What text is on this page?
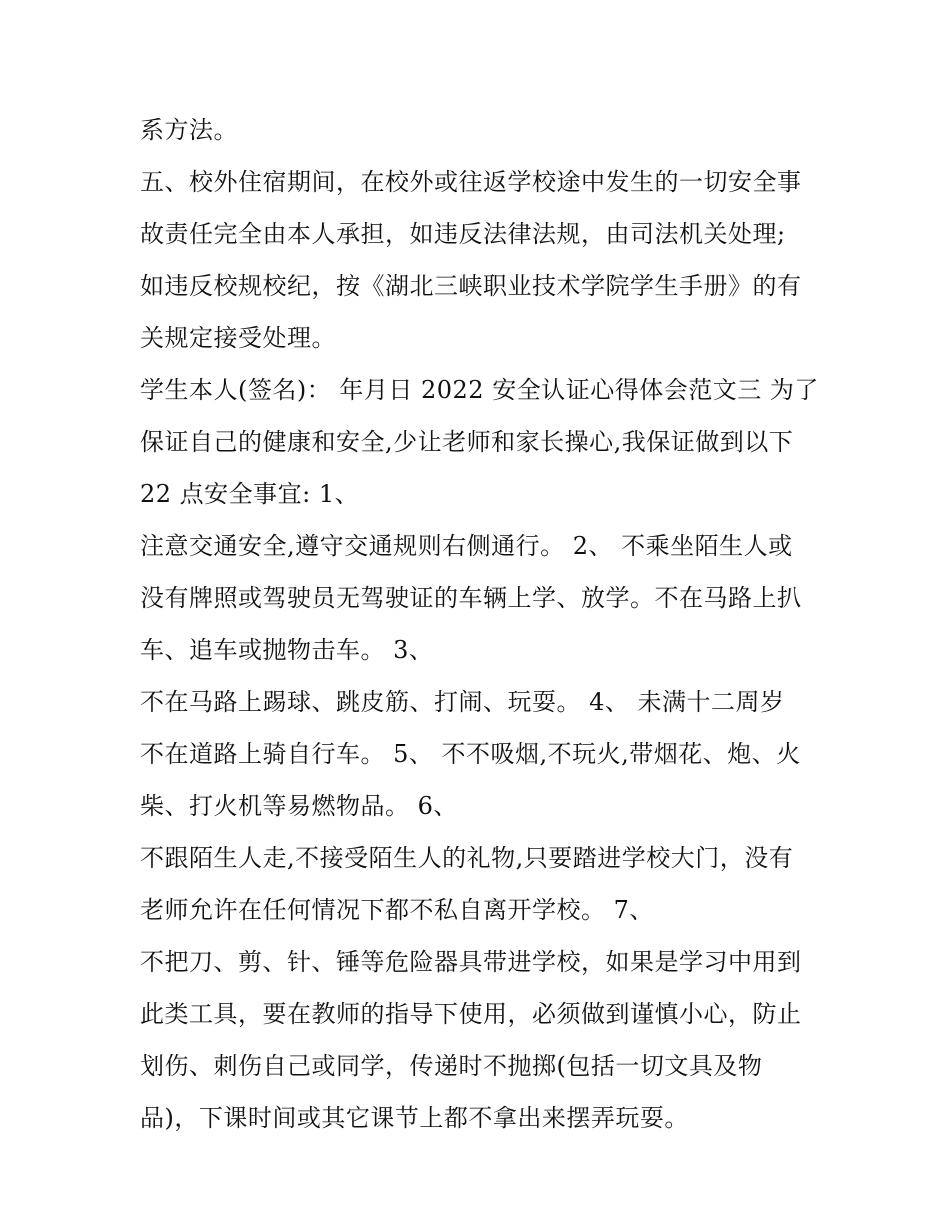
系方法。
五、校外住宿期间，在校外或往返学校途中发生的一切安全事
故责任完全由本人承担，如违反法律法规，由司法机关处理;
如违反校规校纪，按《湖北三峡职业技术学院学生手册》的有
关规定接受处理。
学生本人(签名)： 年月日 2022 安全认证心得体会范文三 为了
保证自己的健康和安全,少让老师和家长操心,我保证做到以下
22 点安全事宜: 1、
注意交通安全,遵守交通规则右侧通行。 2、 不乘坐陌生人或
没有牌照或驾驶员无驾驶证的车辆上学、放学。不在马路上扒
车、追车或抛物击车。 3、
不在马路上踢球、跳皮筋、打闹、玩耍。 4、 未满十二周岁
不在道路上骑自行车。 5、 不不吸烟,不玩火,带烟花、炮、火
柴、打火机等易燃物品。 6、
不跟陌生人走,不接受陌生人的礼物,只要踏进学校大门，没有
老师允许在任何情况下都不私自离开学校。 7、
不把刀、剪、针、锤等危险器具带进学校，如果是学习中用到
此类工具，要在教师的指导下使用，必须做到谨慎小心，防止
划伤、刺伤自己或同学，传递时不抛掷(包括一切文具及物
品)，下课时间或其它课节上都不拿出来摆弄玩耍。
